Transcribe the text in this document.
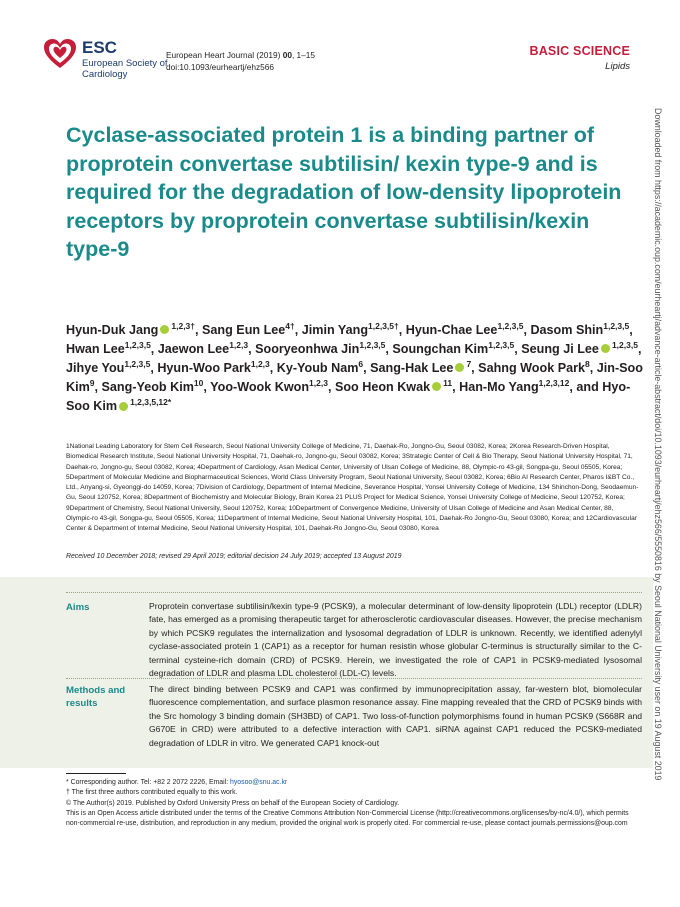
ESC
European Society of Cardiology
European Heart Journal (2019) 00, 1–15
doi:10.1093/eurheartj/ehz566
BASIC SCIENCE
Lipids
Downloaded from https://academic.oup.com/eurheartj/advance-article-abstract/doi/10.1093/eurheartj/ehz566/5550816 by Seoul National University user on 19 August 2019
Cyclase-associated protein 1 is a binding partner of proprotein convertase subtilisin/ kexin type-9 and is required for the degradation of low-density lipoprotein receptors by proprotein convertase subtilisin/kexin type-9
Hyun-Duk Jang $^{1,2,3\dagger}$, Sang Eun Lee$^{4\dagger}$, Jimin Yang$^{1,2,3,5\dagger}$, Hyun-Chae Lee$^{1,2,3,5}$, Dasom Shin$^{1,2,3,5}$, Hwan Lee$^{1,2,3,5}$, Jaewon Lee$^{1,2,3}$, Sooryeonhwa Jin$^{1,2,3,5}$, Soungchan Kim$^{1,2,3,5}$, Seung Ji Lee $^{1,2,3,5}$, Jihye You$^{1,2,3,5}$, Hyun-Woo Park$^{1,2,3}$, Ky-Youb Nam$^6$, Sang-Hak Lee $^7$, Sahng Wook Park$^8$, Jin-Soo Kim$^9$, Sang-Yeob Kim$^{10}$, Yoo-Wook Kwon$^{1,2,3}$, Soo Heon Kwak $^{11}$, Han-Mo Yang$^{1,2,3,12}$, and Hyo-Soo Kim $^{1,2,3,5,12*}$
1National Leading Laboratory for Stem Cell Research, Seoul National University College of Medicine, 71, Daehak-Ro, Jongno-Gu, Seoul 03082, Korea; 2Korea Research-Driven Hospital, Biomedical Research Institute, Seoul National University Hospital, 71, Daehak-ro, Jongno-gu, Seoul 03082, Korea; 3Strategic Center of Cell & Bio Therapy, Seoul National University Hospital, 71, Daehak-ro, Jongno-gu, Seoul 03082, Korea; 4Department of Cardiology, Asan Medical Center, University of Ulsan College of Medicine, 88, Olympic-ro 43-gil, Songpa-gu, Seoul 05505, Korea; 5Department of Molecular Medicine and Biopharmaceutical Sciences, World Class University Program, Seoul National University, Seoul 03082, Korea; 6Bio AI Research Center, Pharos I&BT Co., Ltd., Anyang-si, Gyeonggi-do 14059, Korea; 7Division of Cardiology, Department of Internal Medicine, Severance Hospital, Yonsei University College of Medicine, 134 Shinchon-Dong, Seodaemun-Gu, Seoul 120752, Korea; 8Department of Biochemistry and Molecular Biology, Brain Korea 21 PLUS Project for Medical Science, Yonsei University College of Medicine, Seoul 120752, Korea; 9Department of Chemistry, Seoul National University, Seoul 120752, Korea; 10Department of Convergence Medicine, University of Ulsan College of Medicine and Asan Medical Center, 88, Olympic-ro 43-gil, Songpa-gu, Seoul 05505, Korea; 11Department of Internal Medicine, Seoul National University Hospital, 101, Daehak-Ro Jongno-Gu, Seoul 03080, Korea; and 12Cardiovascular Center & Department of Internal Medicine, Seoul National University Hospital, 101, Daehak-Ro Jongno-Gu, Seoul 03080, Korea
Received 10 December 2018; revised 29 April 2019; editorial decision 24 July 2019; accepted 13 August 2019
Aims	Proprotein convertase subtilisin/kexin type-9 (PCSK9), a molecular determinant of low-density lipoprotein (LDL) receptor (LDLR) fate, has emerged as a promising therapeutic target for atherosclerotic cardiovascular diseases. However, the precise mechanism by which PCSK9 regulates the internalization and lysosomal degradation of LDLR is unknown. Recently, we identified adenylyl cyclase-associated protein 1 (CAP1) as a receptor for human resistin whose globular C-terminus is structurally similar to the C-terminal cysteine-rich domain (CRD) of PCSK9. Herein, we investigated the role of CAP1 in PCSK9-mediated lysosomal degradation of LDLR and plasma LDL cholesterol (LDL-C) levels.
Methods and results
The direct binding between PCSK9 and CAP1 was confirmed by immunoprecipitation assay, far-western blot, biomolecular fluorescence complementation, and surface plasmon resonance assay. Fine mapping revealed that the CRD of PCSK9 binds with the Src homology 3 binding domain (SH3BD) of CAP1. Two loss-of-function polymorphisms found in human PCSK9 (S668R and G670E in CRD) were attributed to a defective interaction with CAP1. siRNA against CAP1 reduced the PCSK9-mediated degradation of LDLR in vitro. We generated CAP1 knock-out
* Corresponding author. Tel: +82 2 2072 2226, Email: hyosoo@snu.ac.kr
† The first three authors contributed equally to this work.
© The Author(s) 2019. Published by Oxford University Press on behalf of the European Society of Cardiology.
This is an Open Access article distributed under the terms of the Creative Commons Attribution Non-Commercial License (http://creativecommons.org/licenses/by-nc/4.0/), which permits non-commercial re-use, distribution, and reproduction in any medium, provided the original work is properly cited. For commercial re-use, please contact journals.permissions@oup.com
